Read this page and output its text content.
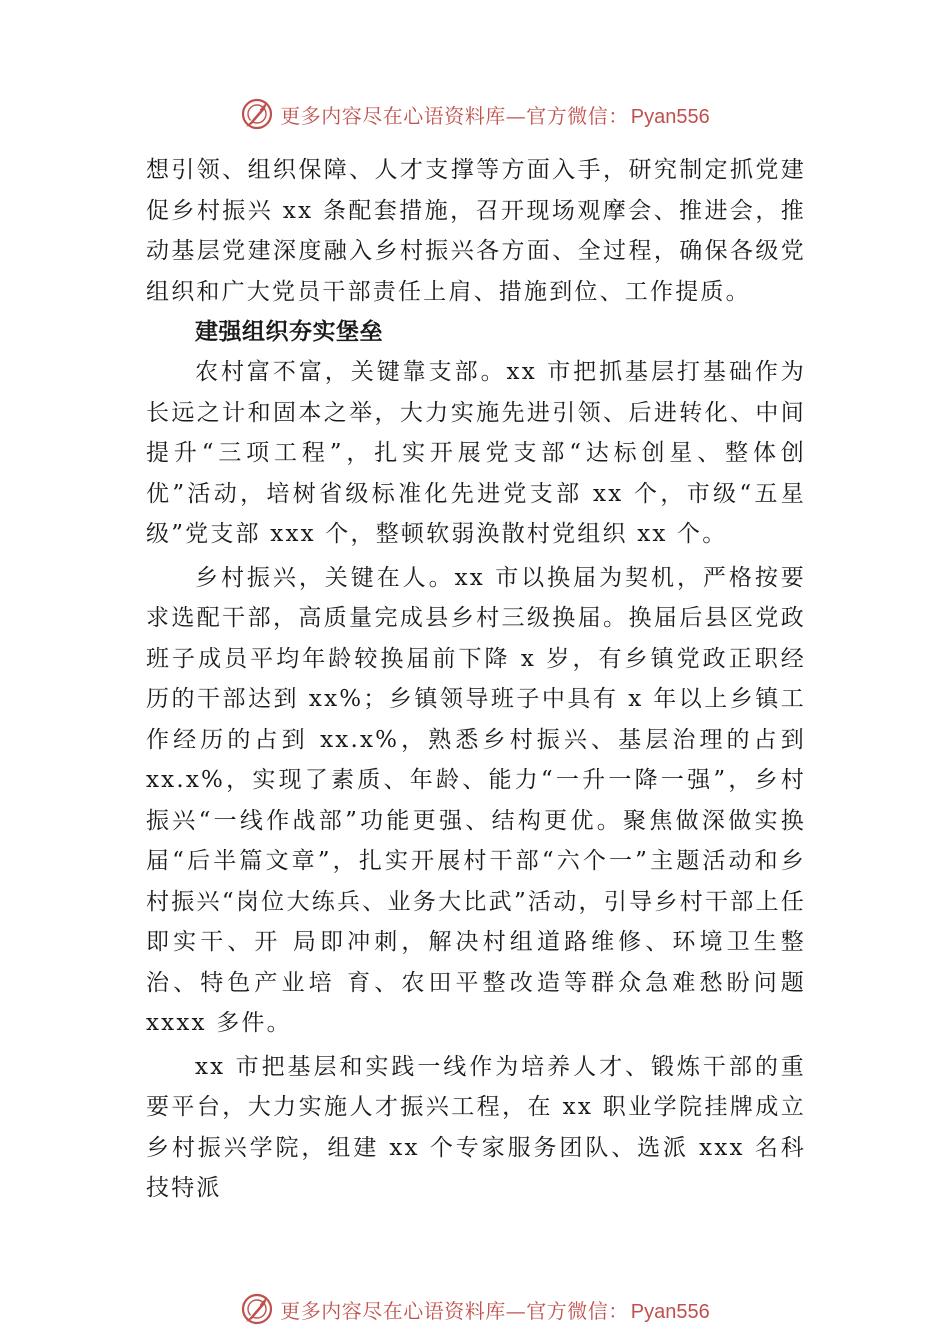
更多内容尽在心语资料库—官方微信： Pyan556

想引领、组织保障、人才支撑等方面入手，研究制定抓党建促乡村振兴 xx 条配套措施，召开现场观摩会、推进会，推动基层党建深度融入乡村振兴各方面、全过程，确保各级党组织和广大党员干部责任上肩、措施到位、工作提质。

建强组织夯实堡垒

农村富不富，关键靠支部。xx 市把抓基层打基础作为长远之计和固本之举，大力实施先进引领、后进转化、中间提升“三项工程”，扎实开展党支部“达标创星、整体创优”活动，培树省级标准化先进党支部 xx 个，市级“五星级”党支部 xxx 个，整顿软弱涣散村党组织 xx 个。

乡村振兴，关键在人。xx 市以换届为契机，严格按要求选配干部，高质量完成县乡村三级换届。换届后县区党政班子成员平均年龄较换届前下降 x 岁，有乡镇党政正职经历的干部达到 xx%；乡镇领导班子中具有 x 年以上乡镇工作经历的占到 xx.x%，熟悉乡村振兴、基层治理的占到 xx.x%，实现了素质、年龄、能力“一升一降一强”，乡村振兴“一线作战部”功能更强、结构更优。聚焦做深做实换届“后半篇文章”，扎实开展村干部“六个一”主题活动和乡村振兴“岗位大练兵、业务大比武”活动，引导乡村干部上任即实干、开 局即冲刺，解决村组道路维修、环境卫生整治、特色产业培 育、农田平整改造等群众急难愁盼问题 xxxx 多件。

xx 市把基层和实践一线作为培养人才、锻炼干部的重要平台，大力实施人才振兴工程，在 xx 职业学院挂牌成立乡村振兴学院，组建 xx 个专家服务团队、选派 xxx 名科技特派

更多内容尽在心语资料库—官方微信： Pyan556
